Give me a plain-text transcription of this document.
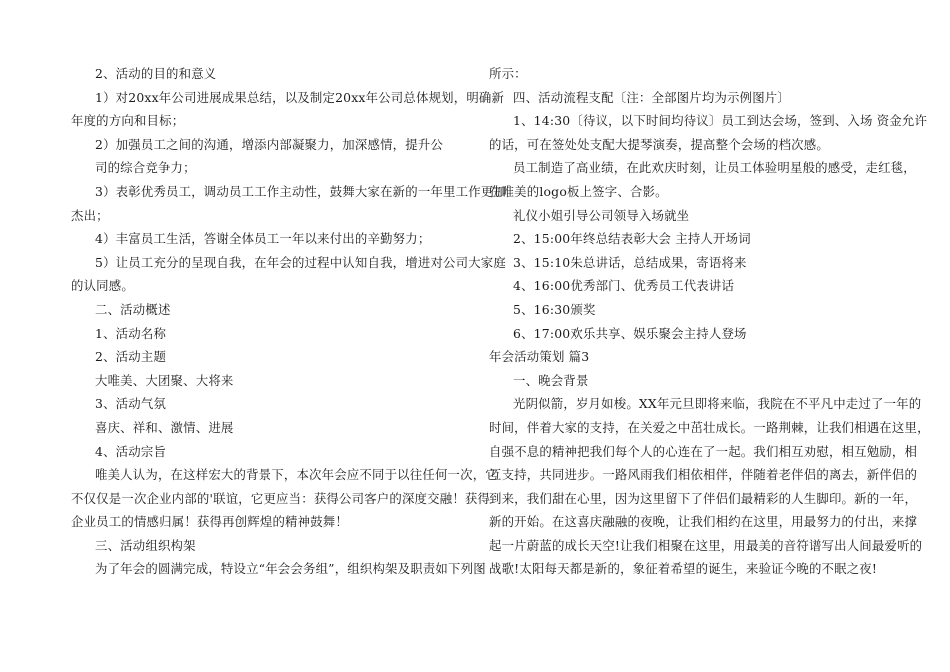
2、活动的目的和意义

1）对20xx年公司进展成果总结，以及制定20xx年公司总体规划，明确新

年度的方向和目标；

2）加强员工之间的沟通，增添内部凝聚力，加深感情，提升公

司的综合竞争力；

3）表彰优秀员工，调动员工工作主动性，鼓舞大家在新的一年里工作更加

杰出；

4）丰富员工生活，答谢全体员工一年以来付出的辛勤努力；

5）让员工充分的呈现自我，在年会的过程中认知自我，增进对公司大家庭

的认同感。

二、活动概述

1、活动名称

2、活动主题

大唯美、大团聚、大将来

3、活动气氛

喜庆、祥和、激情、进展

4、活动宗旨

唯美人认为，在这样宏大的背景下，本次年会应不同于以往任何一次，它

不仅仅是一次企业内部的'联谊，它更应当：获得公司客户的深度交融！获得

企业员工的情感归属！获得再创辉煌的精神鼓舞！

三、活动组织构架

为了年会的圆满完成，特设立“年会会务组”，组织构架及职责如下列图

所示：

四、活动流程支配〔注：全部图片均为示例图片〕

1、14:30〔待议，以下时间均待议〕员工到达会场，签到、入场 资金允许

的话，可在签处处支配大提琴演奏，提高整个会场的档次感。

员工制造了高业绩，在此欢庆时刻，让员工体验明星般的感受，走红毯，

在唯美的logo板上签字、合影。

礼仪小姐引导公司领导入场就坐

2、15:00年终总结表彰大会 主持人开场词

3、15:10朱总讲话，总结成果，寄语将来

4、16:00优秀部门、优秀员工代表讲话

5、16:30颁奖

6、17:00欢乐共享、娱乐聚会主持人登场

年会活动策划 篇3

一、晚会背景

光阴似箭，岁月如梭。XX年元旦即将来临，我院在不平凡中走过了一年的

时间，伴着大家的支持，在关爱之中茁壮成长。一路荆棘，让我们相遇在这里，

自强不息的精神把我们每个人的心连在了一起。我们相互劝慰，相互勉励，相

互支持，共同进步。一路风雨我们相依相伴，伴随着老伴侣的离去，新伴侣的

到来，我们甜在心里，因为这里留下了伴侣们最精彩的人生脚印。新的一年，

新的开始。在这喜庆融融的夜晚，让我们相约在这里，用最努力的付出，来撑

起一片蔚蓝的成长天空!让我们相聚在这里，用最美的音符谱写出人间最爱听的

战歌!太阳每天都是新的，象征着希望的诞生，来验证今晚的不眠之夜!
